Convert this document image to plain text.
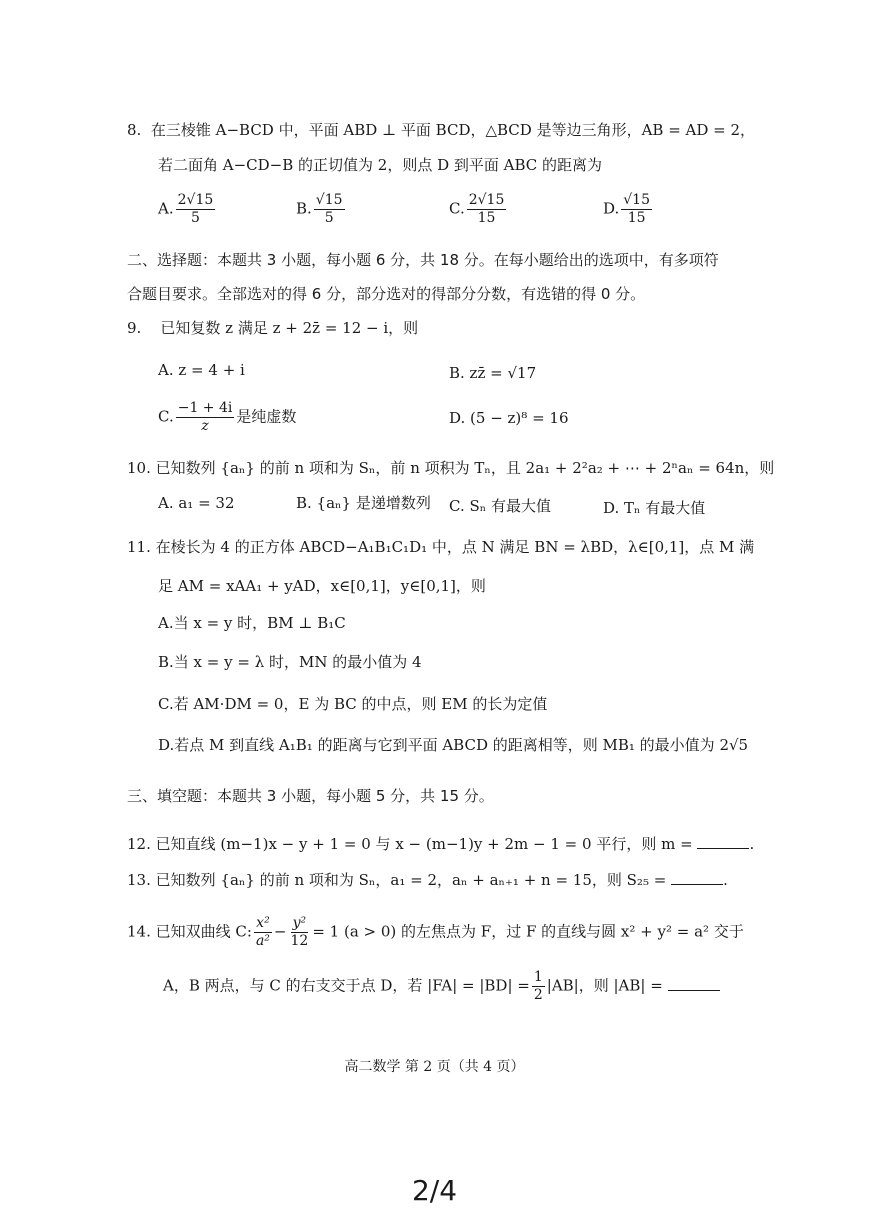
8. 在三棱锥 A−BCD 中，平面 ABD ⊥ 平面 BCD，△BCD 是等边三角形，AB = AD = 2，
若二面角 A−CD−B 的正切值为 2，则点 D 到平面 ABC 的距离为
A. $\frac{2√15}{5}$	B. $\frac{√15}{5}$	C. $\frac{2√15}{15}$	D. $\frac{√15}{15}$
二、选择题：本题共 3 小题，每小题 6 分，共 18 分。在每小题给出的选项中，有多项符
合题目要求。全部选对的得 6 分，部分选对的得部分分数，有选错的得 0 分。
9. 已知复数 z 满足 z + 2z̄ = 12 − i，则
A. z = 4 + i	B. zz̄ = √17
C. $\frac{-1 + 4i}{z}$ 是纯虚数	D. (5 − z)⁸ = 16
10. 已知数列 {aₙ} 的前 n 项和为 Sₙ，前 n 项积为 Tₙ，且 2a₁ + 2²a₂ + ⋯ + 2ⁿaₙ = 64n，则
A. a₁ = 32	B. {aₙ} 是递增数列 C. Sₙ 有最大值	D. Tₙ 有最大值
11. 在棱长为 4 的正方体 ABCD−A₁B₁C₁D₁ 中，点 N 满足 BN = λBD，λ∈[0,1]，点 M 满
足 AM = xAA₁ + yAD，x∈[0,1]，y∈[0,1]，则
A.当 x = y 时，BM ⊥ B₁C
B.当 x = y = λ 时，MN 的最小值为 4
C.若 AM·DM = 0，E 为 BC 的中点，则 EM 的长为定值
D.若点 M 到直线 A₁B₁ 的距离与它到平面 ABCD 的距离相等，则 MB₁ 的最小值为 2√5
三、填空题：本题共 3 小题，每小题 5 分，共 15 分。
12. 已知直线 (m−1)x − y + 1 = 0 与 x − (m−1)y + 2m − 1 = 0 平行，则 m =	.
13. 已知数列 {aₙ} 的前 n 项和为 Sₙ，a₁ = 2，aₙ + aₙ₊₁ + n = 15，则 S₂₅ =	.
14. 已知双曲线 C: $\frac{\text{x²}}{\text{a²}} - \frac{\text{y²}}{12} = 1$ (a > 0) 的左焦点为 F，过 F 的直线与圆 x² + y² = a² 交于
A，B 两点，与 C 的右支交于点 D，若 $|FA| = |BD| = \frac{1}{2} |AB|$，则 |AB| =
高二数学 第 2 页（共 4 页）
2/4
